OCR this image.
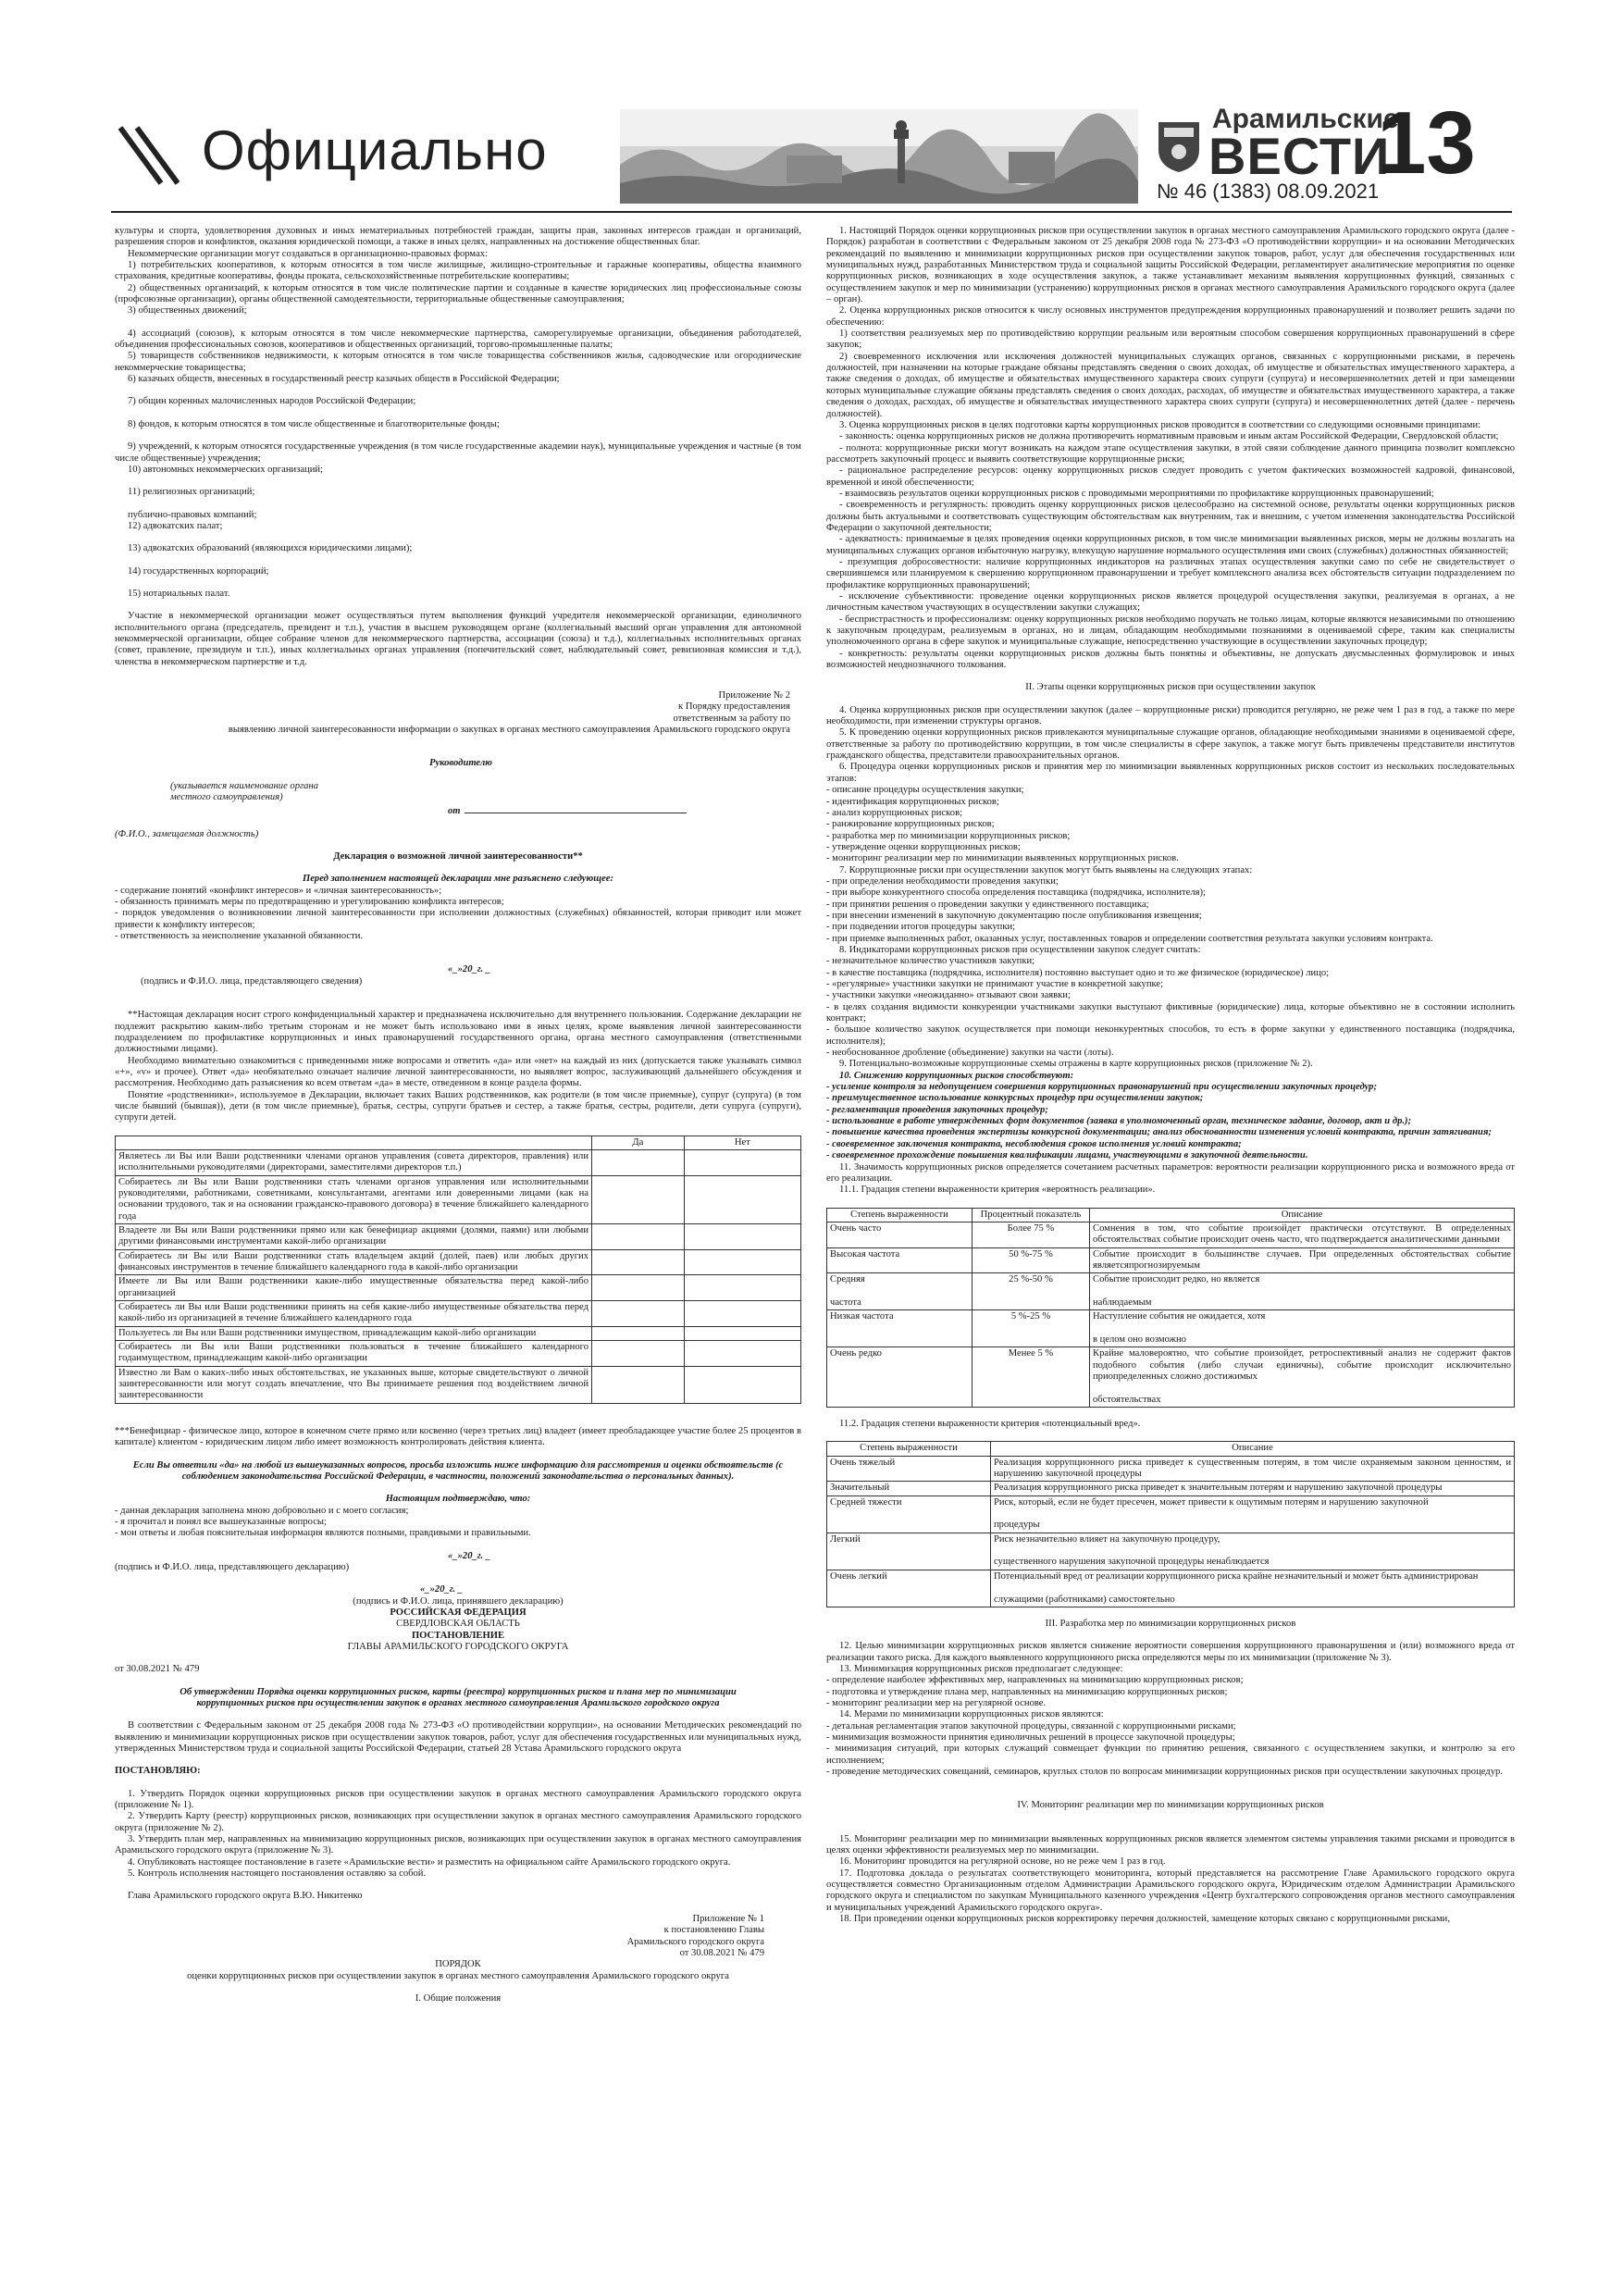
Официально
Арамильские
ВЕСТИ
13
№ 46 (1383) 08.09.2021

культуры и спорта, удовлетворения духовных и иных нематериальных потребностей граждан, защиты прав, законных интересов граждан и организаций, разрешения споров и конфликтов, оказания юридической помощи, а также в иных целях, направленных на достижение общественных благ.

Некоммерческие организации могут создаваться в организационно-правовых формах:

1) потребительских кооперативов, к которым относятся в том числе жилищные, жилищно-строительные и гаражные кооперативы, общества взаимного страхования, кредитные кооперативы, фонды проката, сельскохозяйственные потребительские кооперативы;

2) общественных организаций, к которым относятся в том числе политические партии и созданные в качестве юридических лиц профессиональные союзы (профсоюзные организации), органы общественной самодеятельности, территориальные общественные самоуправления;

3) общественных движений;

4) ассоциаций (союзов), к которым относятся в том числе некоммерческие партнерства, саморегулируемые организации, объединения работодателей, объединения профессиональных союзов, кооперативов и общественных организаций, торгово-промышленные палаты;

5) товариществ собственников недвижимости, к которым относятся в том числе товарищества собственников жилья, садоводческие или огороднические некоммерческие товарищества;

6) казачьих обществ, внесенных в государственный реестр казачьих обществ в Российской Федерации;

7) общин коренных малочисленных народов Российской Федерации;

8) фондов, к которым относятся в том числе общественные и благотворительные фонды;

9) учреждений, к которым относятся государственные учреждения (в том числе государственные академии наук), муниципальные учреждения и частные (в том числе общественные) учреждения;

10) автономных некоммерческих организаций;

11) религиозных организаций;

публично-правовых компаний;

12) адвокатских палат;

13) адвокатских образований (являющихся юридическими лицами);

14) государственных корпораций;

15) нотариальных палат.

Участие в некоммерческой организации может осуществляться путем выполнения функций учредителя некоммерческой организации, единоличного исполнительного органа (председатель, президент и т.п.), участия в высшем руководящем органе (коллегиальный высший орган управления для автономной некоммерческой организации, общее собрание членов для некоммерческого партнерства, ассоциации (союза) и т.д.), коллегиальных исполнительных органах (совет, правление, президиум и т.п.), иных коллегиальных органах управления (попечительский совет, наблюдательный совет, ревизионная комиссия и т.д.), членства в некоммерческом партнерстве и т.д.

Приложение № 2
к Порядку предоставления
ответственным за работу по
выявлению личной заинтересованности информации о закупках в органах местного самоуправления Арамильского городского округа

Руководителю

(указывается наименование органа
местного самоуправления)

от

(Ф.И.О., замещаемая должность)

Декларация о возможной личной заинтересованности**

Перед заполнением настоящей декларации мне разъяснено следующее:

- содержание понятий «конфликт интересов» и «личная заинтересованность»;

- обязанность принимать меры по предотвращению и урегулированию конфликта интересов;

- порядок уведомления о возникновении личной заинтересованности при исполнении должностных (служебных) обязанностей, которая приводит или может привести к конфликту интересов;

- ответственность за неисполнение указанной обязанности.

«_»20_г. _

(подпись и Ф.И.О. лица, представляющего сведения)

**Настоящая декларация носит строго конфиденциальный характер и предназначена исключительно для внутреннего пользования. Содержание декларации не подлежит раскрытию каким-либо третьим сторонам и не может быть использовано ими в иных целях, кроме выявления личной заинтересованности подразделением по профилактике коррупционных и иных правонарушений государственного органа, органа местного самоуправления (ответственными должностными лицами).

Необходимо внимательно ознакомиться с приведенными ниже вопросами и ответить «да» или «нет» на каждый из них (допускается также указывать символ «+», «v» и прочее). Ответ «да» необязательно означает наличие личной заинтересованности, но выявляет вопрос, заслуживающий дальнейшего обсуждения и рассмотрения. Необходимо дать разъяснения ко всем ответам «да» в месте, отведенном в конце раздела формы.

Понятие «родственники», используемое в Декларации, включает таких Ваших родственников, как родители (в том числе приемные), супруг (супруга) (в том числе бывший (бывшая)), дети (в том числе приемные), братья, сестры, супруги братьев и сестер, а также братья, сестры, родители, дети супруга (супруги), супруги детей.

	Да	Нет
Являетесь ли Вы или Ваши родственники членами органов управления (совета директоров, правления) или исполнительными руководителями (директорами, заместителями директоров т.п.)		
Собираетесь ли Вы или Ваши родственники стать членами органов управления или исполнительными руководителями, работниками, советниками, консультантами, агентами или доверенными лицами (как на основании трудового, так и на основании гражданско-правового договора) в течение ближайшего календарного года		
Владеете ли Вы или Ваши родственники прямо или как бенефициар акциями (долями, паями) или любыми другими финансовыми инструментами какой-либо организации		
Собираетесь ли Вы или Ваши родственники стать владельцем акций (долей, паев) или любых других финансовых инструментов в течение ближайшего календарного года в какой-либо организации		
Имеете ли Вы или Ваши родственники какие-либо имущественные обязательства перед какой-либо организацией		
Собираетесь ли Вы или Ваши родственники принять на себя какие-либо имущественные обязательства перед какой-либо из организацией в течение ближайшего календарного года		
Пользуетесь ли Вы или Ваши родственники имуществом, принадлежащим какой-либо организации		
Собираетесь ли Вы или Ваши родственники пользоваться в течение ближайшего календарного годаимуществом, принадлежащим какой-либо организации		
Известно ли Вам о каких-либо иных обстоятельствах, не указанных выше, которые свидетельствуют о личной заинтересованности или могут создать впечатление, что Вы принимаете решения под воздействием личной заинтересованности		

***Бенефициар - физическое лицо, которое в конечном счете прямо или косвенно (через третьих лиц) владеет (имеет преобладающее участие более 25 процентов в капитале) клиентом - юридическим лицом либо имеет возможность контролировать действия клиента.

Если Вы ответили «да» на любой из вышеуказанных вопросов, просьба изложить ниже информацию для рассмотрения и оценки обстоятельств (с соблюдением законодательства Российской Федерации, в частности, положений законодательства о персональных данных).

Настоящим подтверждаю, что:

- данная декларация заполнена мною добровольно и с моего согласия;

- я прочитал и понял все вышеуказанные вопросы;

- мои ответы и любая пояснительная информация являются полными, правдивыми и правильными.

«_»20_г. _

(подпись и Ф.И.О. лица, представляющего декларацию)

«_»20_г. _

(подпись и Ф.И.О. лица, принявшего декларацию)

РОССИЙСКАЯ ФЕДЕРАЦИЯ

СВЕРДЛОВСКАЯ ОБЛАСТЬ

ПОСТАНОВЛЕНИЕ

ГЛАВЫ АРАМИЛЬСКОГО ГОРОДСКОГО ОКРУГА

от 30.08.2021 № 479

Об утверждении Порядка оценки коррупционных рисков, карты (реестра) коррупционных рисков и плана мер по минимизации коррупционных рисков при осуществлении закупок в органах местного самоуправления Арамильского городского округа

В соответствии с Федеральным законом от 25 декабря 2008 года № 273-ФЗ «О противодействии коррупции», на основании Методических рекомендаций по выявлению и минимизации коррупционных рисков при осуществлении закупок товаров, работ, услуг для обеспечения государственных или муниципальных нужд, утвержденных Министерством труда и социальной защиты Российской Федерации, статьей 28 Устава Арамильского городского округа

ПОСТАНОВЛЯЮ:

1. Утвердить Порядок оценки коррупционных рисков при осуществлении закупок в органах местного самоуправления Арамильского городского округа (приложение № 1).

2. Утвердить Карту (реестр) коррупционных рисков, возникающих при осуществлении закупок в органах местного самоуправления Арамильского городского округа (приложение № 2).

3. Утвердить план мер, направленных на минимизацию коррупционных рисков, возникающих при осуществлении закупок в органах местного самоуправления Арамильского городского округа (приложение № 3).

4. Опубликовать настоящее постановление в газете «Арамильские вести» и разместить на официальном сайте Арамильского городского округа.

5. Контроль исполнения настоящего постановления оставляю за собой.

Глава Арамильского городского округа В.Ю. Никитенко

Приложение № 1
к постановлению Главы
Арамильского городского округа
от 30.08.2021 № 479

ПОРЯДОК

оценки коррупционных рисков при осуществлении закупок в органах местного самоуправления Арамильского городского округа

I. Общие положения

1. Настоящий Порядок оценки коррупционных рисков при осуществлении закупок в органах местного самоуправления Арамильского городского округа (далее - Порядок) разработан в соответствии с Федеральным законом от 25 декабря 2008 года № 273-ФЗ «О противодействии коррупции» и на основании Методических рекомендаций по выявлению и минимизации коррупционных рисков при осуществлении закупок товаров, работ, услуг для обеспечения государственных или муниципальных нужд, разработанных Министерством труда и социальной защиты Российской Федерации, регламентирует аналитические мероприятия по оценке коррупционных рисков, возникающих в ходе осуществления закупок, а также устанавливает механизм выявления коррупционных функций, связанных с осуществлением закупок и мер по минимизации (устранению) коррупционных рисков в органах местного самоуправления Арамильского городского округа (далее – орган).

2. Оценка коррупционных рисков относится к числу основных инструментов предупреждения коррупционных правонарушений и позволяет решить задачи по обеспечению:

1) соответствия реализуемых мер по противодействию коррупции реальным или вероятным способом совершения коррупционных правонарушений в сфере закупок;

2) своевременного исключения или исключения должностей муниципальных служащих органов, связанных с коррупционными рисками, в перечень должностей, при назначении на которые граждане обязаны представлять сведения о своих доходах, об имуществе и обязательствах имущественного характера, а также сведения о доходах, об имуществе и обязательствах имущественного характера своих супруги (супруга) и несовершеннолетних детей и при замещении которых муниципальные служащие обязаны представлять сведения о своих доходах, расходах, об имуществе и обязательствах имущественного характера, а также сведения о доходах, расходах, об имуществе и обязательствах имущественного характера своих супруги (супруга) и несовершеннолетних детей (далее - перечень должностей).

3. Оценка коррупционных рисков в целях подготовки карты коррупционных рисков проводится в соответствии со следующими основными принципами:

- законность: оценка коррупционных рисков не должна противоречить нормативным правовым и иным актам Российской Федерации, Свердловской области;

- полнота: коррупционные риски могут возникать на каждом этапе осуществления закупки, в этой связи соблюдение данного принципа позволит комплексно рассмотреть закупочный процесс и выявить соответствующие коррупционные риски;

- рациональное распределение ресурсов: оценку коррупционных рисков следует проводить с учетом фактических возможностей кадровой, финансовой, временной и иной обеспеченности;

- взаимосвязь результатов оценки коррупционных рисков с проводимыми мероприятиями по профилактике коррупционных правонарушений;

- своевременность и регулярность: проводить оценку коррупционных рисков целесообразно на системной основе, результаты оценки коррупционных рисков должны быть актуальными и соответствовать существующим обстоятельствам как внутренним, так и внешним, с учетом изменения законодательства Российской Федерации о закупочной деятельности;

- адекватность: принимаемые в целях проведения оценки коррупционных рисков, в том числе минимизации выявленных рисков, меры не должны возлагать на муниципальных служащих органов избыточную нагрузку, влекущую нарушение нормального осуществления ими своих (служебных) должностных обязанностей;

- презумпция добросовестности: наличие коррупционных индикаторов на различных этапах осуществления закупки само по себе не свидетельствует о свершившемся или планируемом к свершению коррупционном правонарушении и требует комплексного анализа всех обстоятельств ситуации подразделением по профилактике коррупционных правонарушений;

- исключение субъективности: проведение оценки коррупционных рисков является процедурой осуществления закупки, реализуемая в органах, а не личностным качеством участвующих в осуществлении закупки служащих;

- беспристрастность и профессионализм: оценку коррупционных рисков необходимо поручать не только лицам, которые являются независимыми по отношению к закупочным процедурам, реализуемым в органах, но и лицам, обладающим необходимыми познаниями в оцениваемой сфере, таким как специалисты уполномоченного органа в сфере закупок и муниципальные служащие, непосредственно участвующие в осуществлении закупочных процедур;

- конкретность: результаты оценки коррупционных рисков должны быть понятны и объективны, не допускать двусмысленных формулировок и иных возможностей неоднозначного толкования.

II. Этапы оценки коррупционных рисков при осуществлении закупок

4. Оценка коррупционных рисков при осуществлении закупок (далее – коррупционные риски) проводится регулярно, не реже чем 1 раз в год, а также по мере необходимости, при изменении структуры органов.

5. К проведению оценки коррупционных рисков привлекаются муниципальные служащие органов, обладающие необходимыми знаниями в оцениваемой сфере, ответственные за работу по противодействию коррупции, в том числе специалисты в сфере закупок, а также могут быть привлечены представители институтов гражданского общества, представители правоохранительных органов.

6. Процедура оценки коррупционных рисков и принятия мер по минимизации выявленных коррупционных рисков состоит из нескольких последовательных этапов:

- описание процедуры осуществления закупки;
- идентификация коррупционных рисков;
- анализ коррупционных рисков;
- ранжирование коррупционных рисков;
- разработка мер по минимизации коррупционных рисков;
- утверждение оценки коррупционных рисков;
- мониторинг реализации мер по минимизации выявленных коррупционных рисков.

7. Коррупционные риски при осуществлении закупок могут быть выявлены на следующих этапах:

- при определении необходимости проведения закупки;
- при выборе конкурентного способа определения поставщика (подрядчика, исполнителя);
- при принятии решения о проведении закупки у единственного поставщика;
- при внесении изменений в закупочную документацию после опубликования извещения;
- при подведении итогов процедуры закупки;

- при приемке выполненных работ, оказанных услуг, поставленных товаров и определении соответствия результата закупки условиям контракта.

8. Индикаторами коррупционных рисков при осуществлении закупок следует считать:

- незначительное количество участников закупки;
- в качестве поставщика (подрядчика, исполнителя) постоянно выступает одно и то же физическое (юридическое) лицо;
- «регулярные» участники закупки не принимают участие в конкретной закупке;
- участники закупки «неожиданно» отзывают свои заявки;

- в целях создания видимости конкуренции участниками закупки выступают фиктивные (юридические) лица, которые объективно не в состоянии исполнить контракт;

- большое количество закупок осуществляется при помощи неконкурентных способов, то есть в форме закупки у единственного поставщика (подрядчика, исполнителя);

- необоснованное дробление (объединение) закупки на части (лоты).

9. Потенциально-возможные коррупционные схемы отражены в карте коррупционных рисков (приложение № 2).

10. Снижению коррупционных рисков способствуют:

- усиление контроля за недопущением совершения коррупционных правонарушений при осуществлении закупочных процедур;

- преимущественное использование конкурсных процедур при осуществлении закупок;

- регламентация проведения закупочных процедур;

- использование в работе утвержденных форм документов (заявка в уполномоченный орган, техническое задание, договор, акт и др.);

- повышение качества проведения экспертизы конкурсной документации; анализ обоснованности изменения условий контракта, причин затягивания;

- своевременное заключения контракта, несоблюдения сроков исполнения условий контракта;

- своевременное прохождение повышения квалификации лицами, участвующими в закупочной деятельности.

11. Значимость коррупционных рисков определяется сочетанием расчетных параметров: вероятности реализации коррупционного риска и возможного вреда от его реализации.

11.1. Градация степени выраженности критерия «вероятность реализации».

Степень выраженности	Процентный показатель	Описание
Очень часто	Более 75 %	Сомнения в том, что событие произойдет практически отсутствуют. В определенных обстоятельствах событие происходит очень часто, что подтверждается аналитическими данными
Высокая частота	50 %-75 %	Событие происходит в большинстве случаев. При определенных обстоятельствах событие являетсяпрогнозируемым
Средняя

частота	25 %-50 %	Событие происходит редко, но является

наблюдаемым
Низкая частота	5 %-25 %	Наступление события не ожидается, хотя

в целом оно возможно
Очень редко	Менее 5 %	Крайне маловероятно, что событие произойдет, ретроспективный анализ не содержит фактов подобного события (либо случаи единичны), событие происходит исключительно приопределенных сложно достижимых

обстоятельствах

11.2. Градация степени выраженности критерия «потенциальный вред».

Степень выраженности	Описание
Очень тяжелый	Реализация коррупционного риска приведет к существенным потерям, в том числе охраняемым законом ценностям, и нарушению закупочной процедуры
Значительный	Реализация коррупционного риска приведет к значительным потерям и нарушению закупочной процедуры
Средней тяжести	Риск, который, если не будет пресечен, может привести к ощутимым потерям и нарушению закупочной

процедуры
Легкий	Риск незначительно влияет на закупочную процедуру,

существенного нарушения закупочной процедуры ненаблюдается
Очень легкий	Потенциальный вред от реализации коррупционного риска крайне незначительный и может быть администрирован

служащими (работниками) самостоятельно

III. Разработка мер по минимизации коррупционных рисков

12. Целью минимизации коррупционных рисков является снижение вероятности совершения коррупционного правонарушения и (или) возможного вреда от реализации такого риска. Для каждого выявленного коррупционного риска определяются меры по их минимизации (приложение № 3).

13. Минимизация коррупционных рисков предполагает следующее:
- определение наиболее эффективных мер, направленных на минимизацию коррупционных рисков;
- подготовка и утверждение плана мер, направленных на минимизацию коррупционных рисков;
- мониторинг реализации мер на регулярной основе.

14. Мерами по минимизации коррупционных рисков являются:
- детальная регламентация этапов закупочной процедуры, связанной с коррупционными рисками;
- минимизация возможности принятия единоличных решений в процессе закупочной процедуры;

- минимизация ситуаций, при которых служащий совмещает функции по принятию решения, связанного с осуществлением закупки, и контролю за его исполнением;

- проведение методических совещаний, семинаров, круглых столов по вопросам минимизации коррупционных рисков при осуществлении закупочных процедур.

IV. Мониторинг реализации мер по минимизации коррупционных рисков

15. Мониторинг реализации мер по минимизации выявленных коррупционных рисков является элементом системы управления такими рисками и проводится в целях оценки эффективности реализуемых мер по минимизации.

16. Мониторинг проводится на регулярной основе, но не реже чем 1 раз в год.

17. Подготовка доклада о результатах соответствующего мониторинга, который представляется на рассмотрение Главе Арамильского городского округа осуществляется совместно Организационным отделом Администрации Арамильского городского округа, Юридическим отделом Администрации Арамильского городского округа и специалистом по закупкам Муниципального казенного учреждения «Центр бухгалтерского сопровождения органов местного самоуправления и муниципальных учреждений Арамильского городского округа».

18. При проведении оценки коррупционных рисков корректировку перечня должностей, замещение которых связано с коррупционными рисками,
